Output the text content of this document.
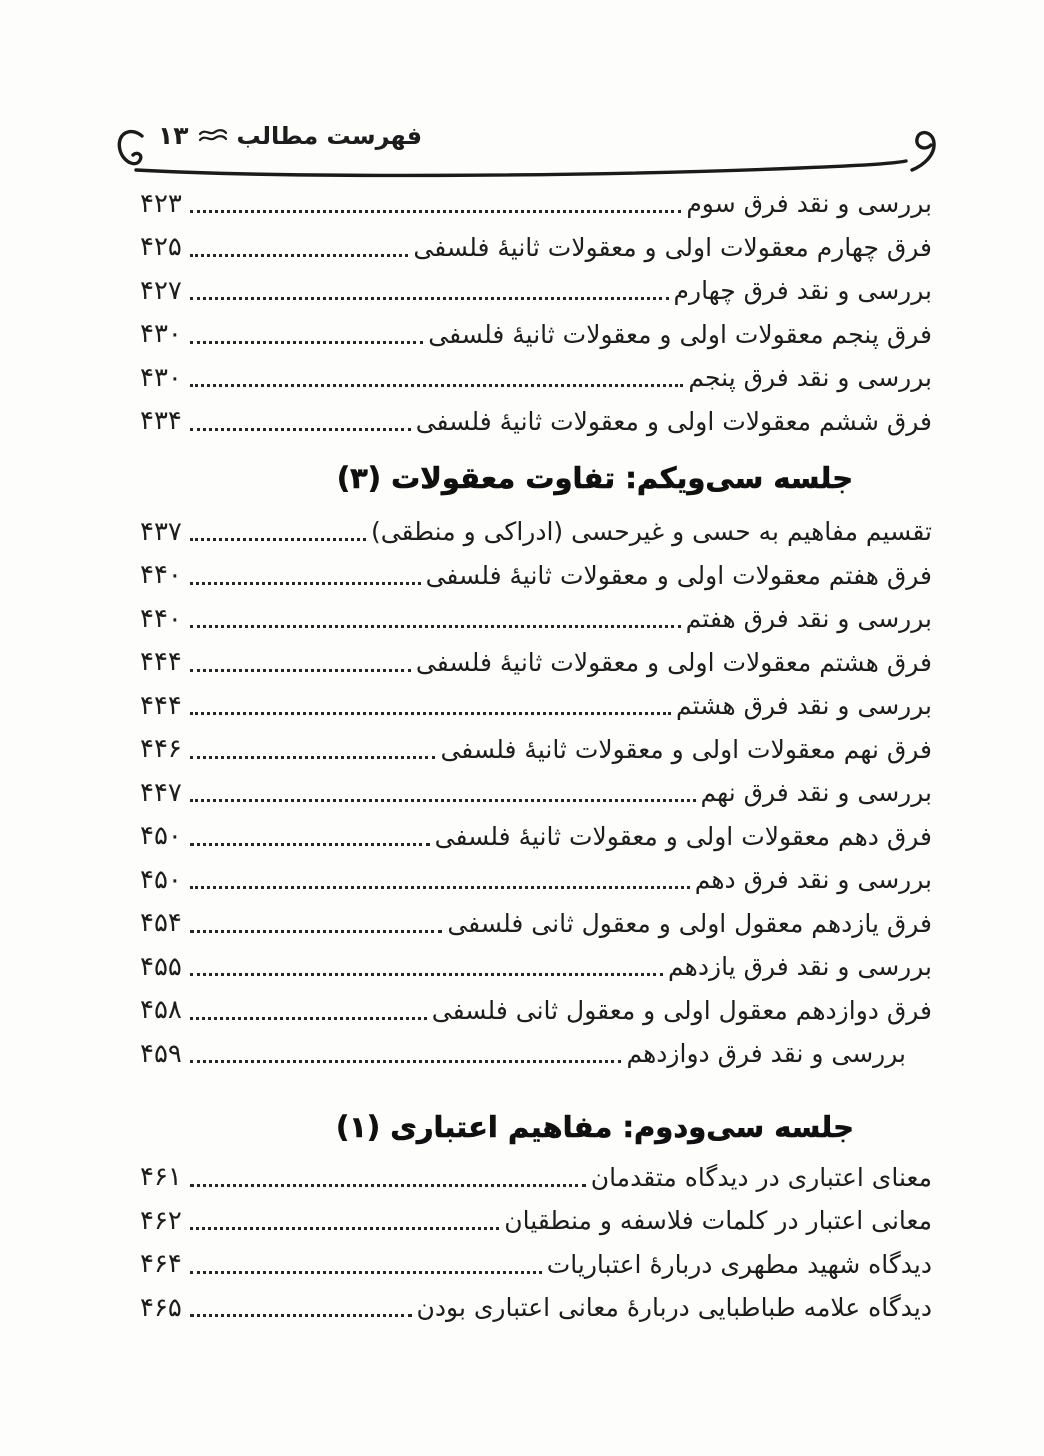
فهرست مطالب
۱۳
بررسی و نقد فرق سوم
۴۲۳
فرق چهارم معقولات اولی و معقولات ثانیۀ فلسفی
۴۲۵
بررسی و نقد فرق چهارم
۴۲۷
فرق پنجم معقولات اولی و معقولات ثانیۀ فلسفی
۴۳۰
بررسی و نقد فرق پنجم
۴۳۰
فرق ششم معقولات اولی و معقولات ثانیۀ فلسفی
۴۳۴
جلسه سی‌ویکم: تفاوت معقولات (۳)
تقسیم مفاهیم به حسی و غیرحسی (ادراکی و منطقی)
۴۳۷
فرق هفتم معقولات اولی و معقولات ثانیۀ فلسفی
۴۴۰
بررسی و نقد فرق هفتم
۴۴۰
فرق هشتم معقولات اولی و معقولات ثانیۀ فلسفی
۴۴۴
بررسی و نقد فرق هشتم
۴۴۴
فرق نهم معقولات اولی و معقولات ثانیۀ فلسفی
۴۴۶
بررسی و نقد فرق نهم
۴۴۷
فرق دهم معقولات اولی و معقولات ثانیۀ فلسفی
۴۵۰
بررسی و نقد فرق دهم
۴۵۰
فرق یازدهم معقول اولی و معقول ثانی فلسفی
۴۵۴
بررسی و نقد فرق یازدهم
۴۵۵
فرق دوازدهم معقول اولی و معقول ثانی فلسفی
۴۵۸
بررسی و نقد فرق دوازدهم
۴۵۹
جلسه سی‌ودوم: مفاهیم اعتباری (۱)
معنای اعتباری در دیدگاه متقدمان
۴۶۱
معانی اعتبار در کلمات فلاسفه و منطقیان
۴۶۲
دیدگاه شهید مطهری دربارۀ اعتباریات
۴۶۴
دیدگاه علامه طباطبایی دربارۀ معانی اعتباری بودن
۴۶۵
